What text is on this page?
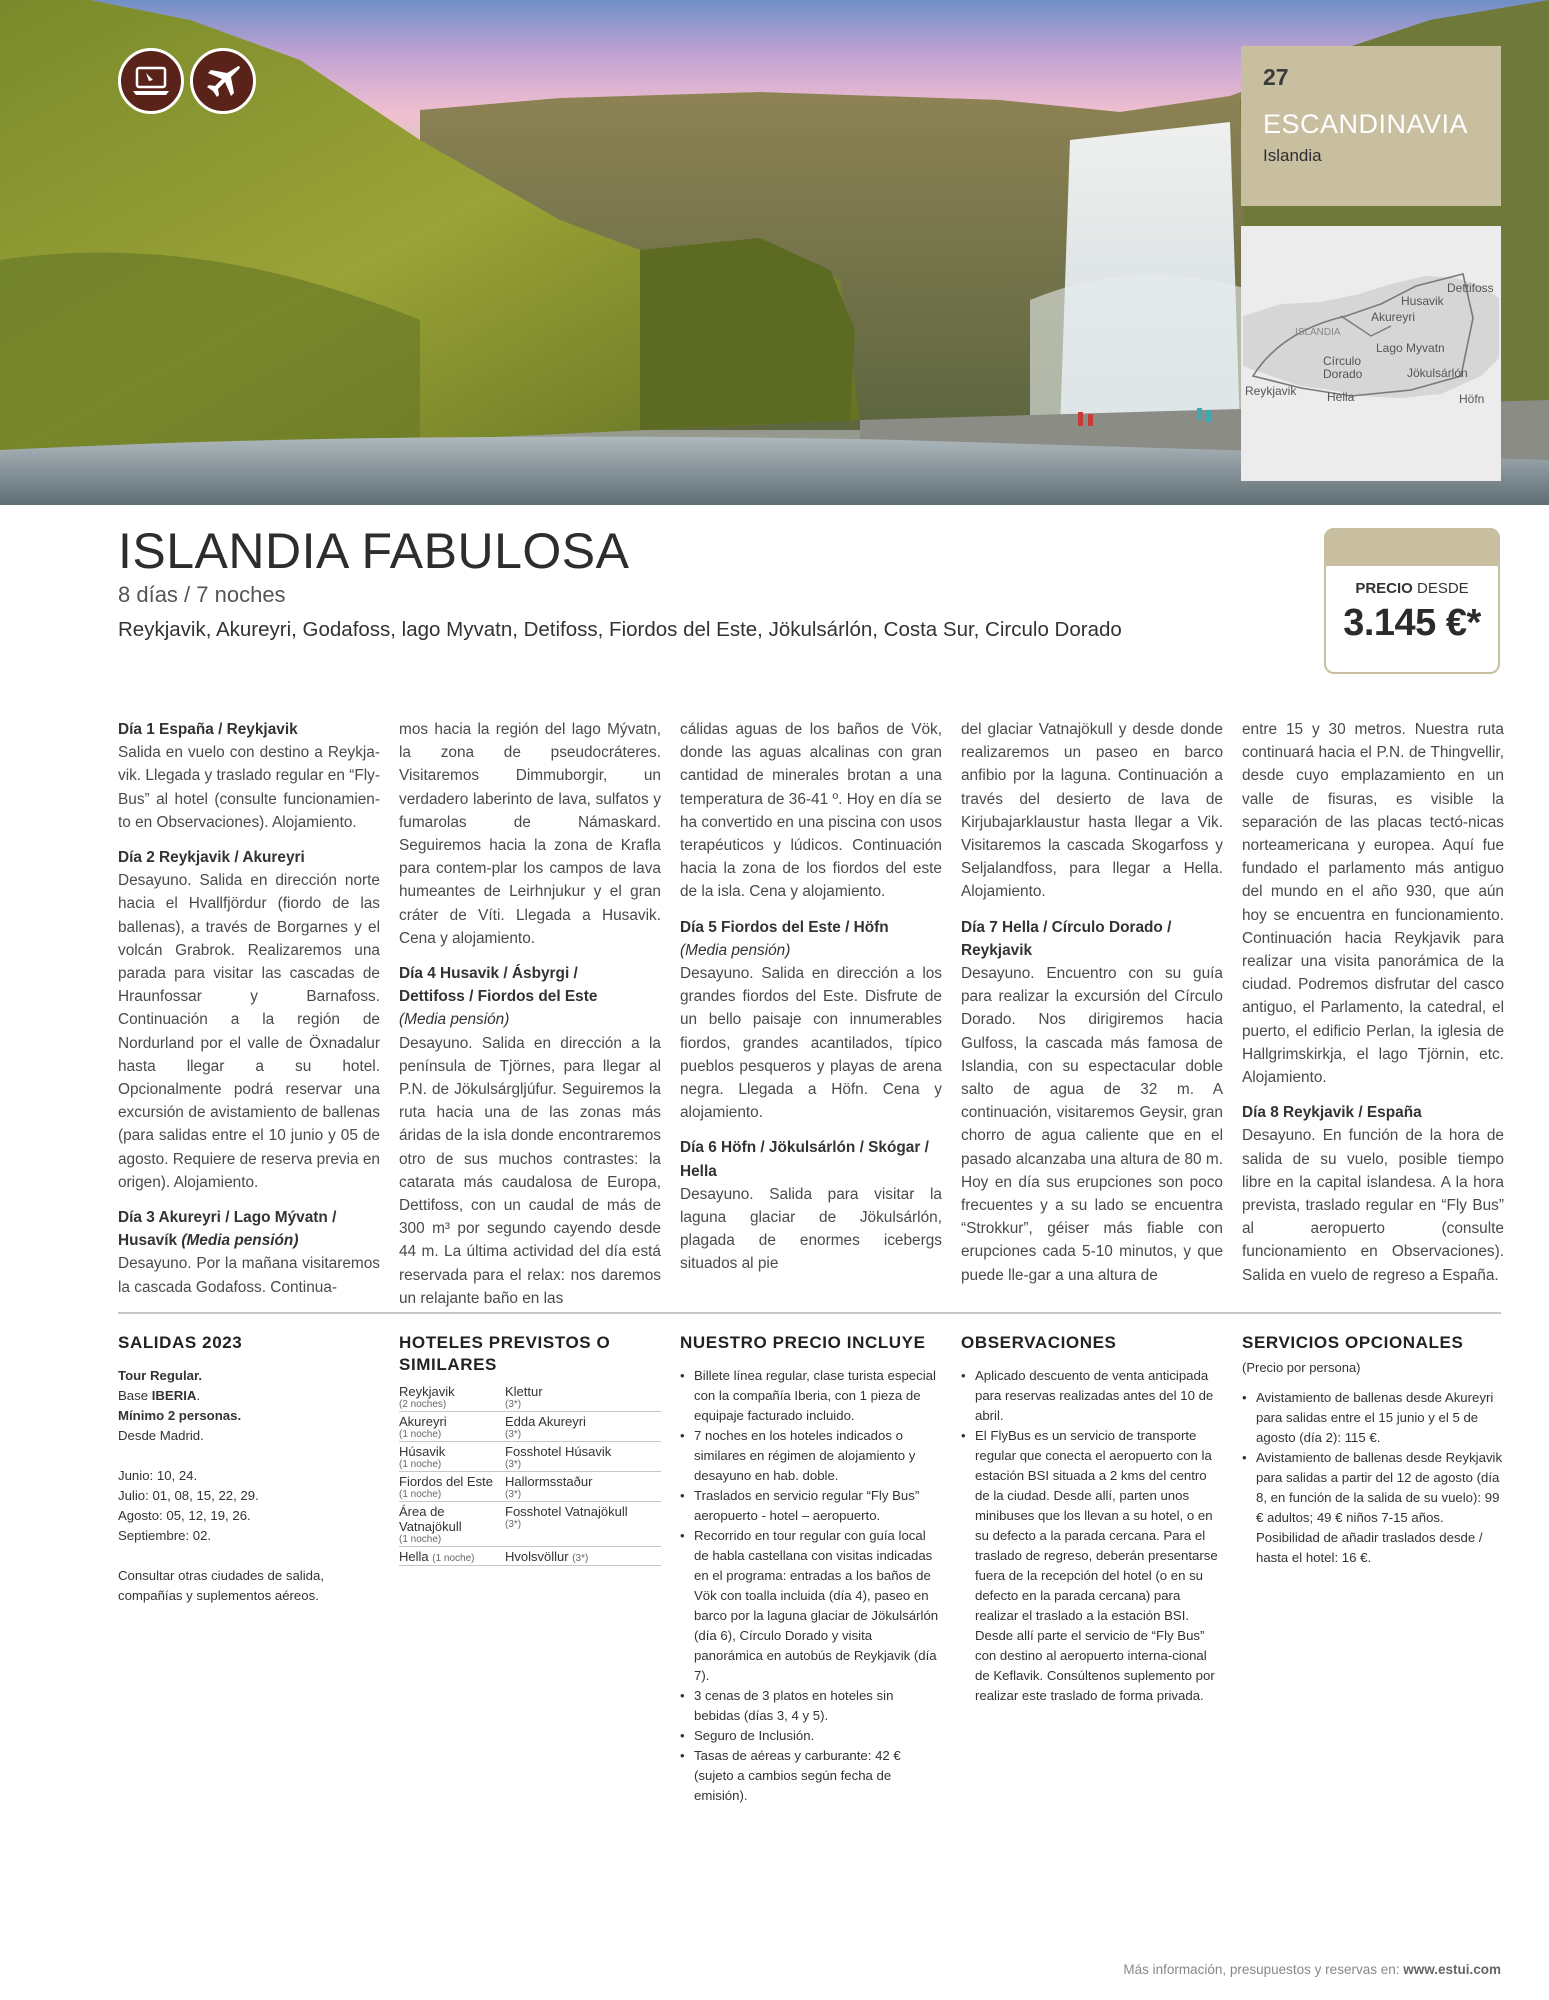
27
ESCANDINAVIA
Islandia
Dettifoss
Husavik
Akureyri
ISLANDIA
Lago Myvatn
Círculo
Dorado	Jökulsárlón
Reykjavik	Hella	Höfn
ISLANDIA FABULOSA
8 días / 7 noches
Reykjavik, Akureyri, Godafoss, lago Myvatn, Detifoss, Fiordos del Este, Jökulsárlón, Costa Sur, Circulo Dorado
PRECIO DESDE
3.145 €*
Día 1 España / Reykjavik

Salida en vuelo con destino a Reykja- vik. Llegada y traslado regular en “Fly- Bus” al hotel (consulte funcionamien- to en Observaciones). Alojamiento.

Día 2 Reykjavik / Akureyri

Desayuno. Salida en dirección norte hacia el Hvallfjördur (fiordo de las ballenas), a través de Borgarnes y el volcán Grabrok. Realizaremos una parada para visitar las cascadas de Hraunfossar y Barnafoss. Continuación a la región de Nordurland por el valle de Öxnadalur hasta llegar a su hotel. Opcionalmente podrá reservar una excursión de avistamiento de ballenas (para salidas entre el 10 junio y 05 de agosto. Requiere de reserva previa en origen). Alojamiento.

Día 3 Akureyri / Lago Mývatn /
Husavík (Media pensión)

Desayuno. Por la mañana visitaremos la cascada Godafoss. Continua-

mos hacia la región del lago Mývatn, la zona de pseudocráteres. Visitaremos Dimmuborgir, un verdadero laberinto de lava, sulfatos y fumarolas de Námaskard. Seguiremos hacia la zona de Krafla para contem-plar los campos de lava humeantes de Leirhnjukur y el gran cráter de Víti. Llegada a Husavik. Cena y alojamiento.

Día 4 Husavik / Ásbyrgi /
Dettifoss / Fiordos del Este
(Media pensión)

Desayuno. Salida en dirección a la península de Tjörnes, para llegar al P.N. de Jökulsárgljúfur. Seguiremos la ruta hacia una de las zonas más áridas de la isla donde encontraremos otro de sus muchos contrastes: la catarata más caudalosa de Europa, Dettifoss, con un caudal de más de 300 m³ por segundo cayendo desde 44 m. La última actividad del día está reservada para el relax: nos daremos un relajante baño en las

cálidas aguas de los baños de Vök, donde las aguas alcalinas con gran cantidad de minerales brotan a una temperatura de 36-41 º. Hoy en día se ha convertido en una piscina con usos terapéuticos y lúdicos. Continuación hacia la zona de los fiordos del este de la isla. Cena y alojamiento.

Día 5 Fiordos del Este / Höfn
(Media pensión)

Desayuno. Salida en dirección a los grandes fiordos del Este. Disfrute de un bello paisaje con innumerables fiordos, grandes acantilados, típico pueblos pesqueros y playas de arena negra. Llegada a Höfn. Cena y alojamiento.

Día 6 Höfn / Jökulsárlón / Skógar /
Hella

Desayuno. Salida para visitar la laguna glaciar de Jökulsárlón, plagada de enormes icebergs situados al pie

del glaciar Vatnajökull y desde donde realizaremos un paseo en barco anfibio por la laguna. Continuación a través del desierto de lava de Kirjubajarklaustur hasta llegar a Vik. Visitaremos la cascada Skogarfoss y Seljalandfoss, para llegar a Hella. Alojamiento.

Día 7 Hella / Círculo Dorado /
Reykjavik

Desayuno. Encuentro con su guía para realizar la excursión del Círculo Dorado. Nos dirigiremos hacia Gulfoss, la cascada más famosa de Islandia, con su espectacular doble salto de agua de 32 m. A continuación, visitaremos Geysir, gran chorro de agua caliente que en el pasado alcanzaba una altura de 80 m. Hoy en día sus erupciones son poco frecuentes y a su lado se encuentra “Strokkur”, géiser más fiable con erupciones cada 5-10 minutos, y que puede lle-gar a una altura de

entre 15 y 30 metros. Nuestra ruta continuará hacia el P.N. de Thingvellir, desde cuyo emplazamiento en un valle de fisuras, es visible la separación de las placas tectó-nicas norteamericana y europea. Aquí fue fundado el parlamento más antiguo del mundo en el año 930, que aún hoy se encuentra en funcionamiento. Continuación hacia Reykjavik para realizar una visita panorámica de la ciudad. Podremos disfrutar del casco antiguo, el Parlamento, la catedral, el puerto, el edificio Perlan, la iglesia de Hallgrimskirkja, el lago Tjörnin, etc. Alojamiento.

Día 8 Reykjavik / España

Desayuno. En función de la hora de salida de su vuelo, posible tiempo libre en la capital islandesa. A la hora prevista, traslado regular en “Fly Bus” al aeropuerto (consulte funcionamiento en Observaciones). Salida en vuelo de regreso a España.

SALIDAS 2023
Tour Regular.
Base IBERIA.
Mínimo 2 personas.
Desde Madrid.
Junio: 10, 24.
Julio: 01, 08, 15, 22, 29.
Agosto: 05, 12, 19, 26.
Septiembre: 02.
Consultar otras ciudades de salida, compañías y suplementos aéreos.
HOTELES PREVISTOS O SIMILARES
Reykjavik
(2 noches)	Klettur
(3*)

Akureyri
(1 noche)	Edda Akureyri
(3*)

Húsavik
(1 noche)	Fosshotel Húsavik
(3*)

Fiordos del Este
(1 noche)	Hallormsstaður
(3*)

Área de Vatnajökull
(1 noche)	Fosshotel Vatnajökull
(3*)

Hella (1 noche)	Hvolsvöllur (3*)
NUESTRO PRECIO INCLUYE
• Billete línea regular, clase turista especial con la compañía Iberia, con 1 pieza de equipaje facturado incluido.
• 7 noches en los hoteles indicados o similares en régimen de alojamiento y desayuno en hab. doble.
• Traslados en servicio regular “Fly Bus” aeropuerto - hotel – aeropuerto.
• Recorrido en tour regular con guía local de habla castellana con visitas indicadas en el programa: entradas a los baños de Vök con toalla incluida (día 4), paseo en barco por la laguna glaciar de Jökulsárlón (día 6), Círculo Dorado y visita panorámica en autobús de Reykjavik (día 7).
• 3 cenas de 3 platos en hoteles sin bebidas (días 3, 4 y 5).
• Seguro de Inclusión.
• Tasas de aéreas y carburante: 42 € (sujeto a cambios según fecha de emisión).
OBSERVACIONES
• Aplicado descuento de venta anticipada para reservas realizadas antes del 10 de abril.
• El FlyBus es un servicio de transporte regular que conecta el aeropuerto con la estación BSI situada a 2 kms del centro de la ciudad. Desde allí, parten unos minibuses que los llevan a su hotel, o en su defecto a la parada cercana. Para el traslado de regreso, deberán presentarse fuera de la recepción del hotel (o en su defecto en la parada cercana) para realizar el traslado a la estación BSI. Desde allí parte el servicio de “Fly Bus” con destino al aeropuerto interna-cional de Keflavik. Consúltenos suplemento por realizar este traslado de forma privada.
SERVICIOS OPCIONALES
(Precio por persona)
• Avistamiento de ballenas desde Akureyri para salidas entre el 15 junio y el 5 de agosto (día 2): 115 €.
• Avistamiento de ballenas desde Reykjavik para salidas a partir del 12 de agosto (día 8, en función de la salida de su vuelo): 99 € adultos; 49 € niños 7-15 años. Posibilidad de añadir traslados desde / hasta el hotel: 16 €.
Más información, presupuestos y reservas en: www.estui.com
